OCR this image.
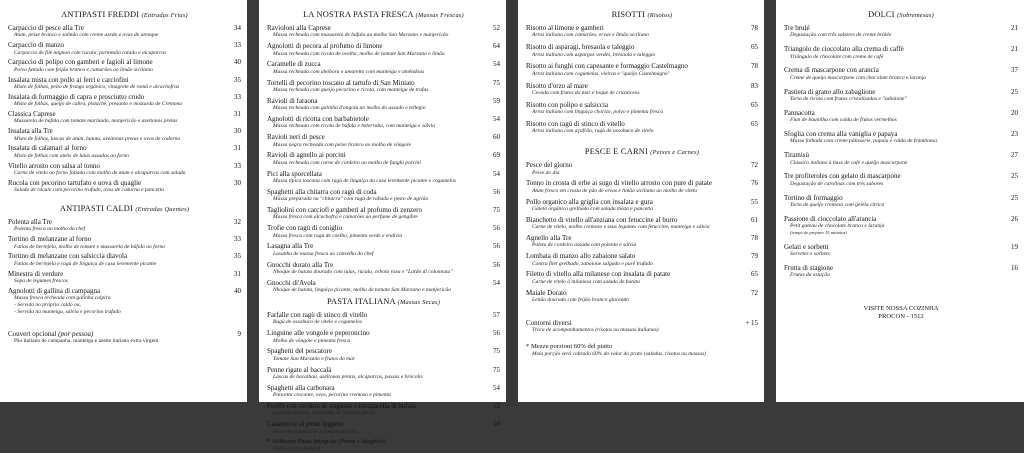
ANTIPASTI FREDDI (Entradas Frias)
Carpaccio di pesce alla Tre	34
Atum, peixe branco e salmão com creme azedo e ovas de arenque
Carpaccio di manzo	33
Carpaccio de filé mignon com rúcula, parmesão ralado e alcaparras
Carpaccio di polipo con gamberi e fagioli al limone	40
Polvo fatiado com feijão branco e camarões ao limão siciliano
Insalata mista con pollo ai ferri e carciofini	35
Misto de folhas, peito de frango orgânico, vinagrete de romã e alcachofras
Insalata di formaggio di capra e prosciutto crudo	33
Misto de folhas, queijo de cabra, pistache, presunto e mostarda de Cremona
Classica Caprese	31
Mussarela de búfala com tomate marinado, manjericão e azeitonas pretas
Insalata alla Tre	30
Misto de folhas, lascas de atum, batata, azeitonas pretas e ovos de codorna
Insalata di calamari al forno	31
Misto de folhas com anéis de lulas assados ao forno
Vitello arrosto con salsa al tonno	33
Carne de vitelo ao forno fatiada com molho de atum e alcaparras com salada
Rucola con pecorino tartufato e uova di quaglie	30
Salada de rúcula com pecorino trufado, ovos de codorna e pancetta
ANTIPASTI CALDI (Entradas Quentes)
Polenta alla Tre	32
Polenta fresca ao molho do chef
Tortino di melanzane al forno	33
Fatias de berinjela, molho de tomate e mussarela de búfala ao forno
Tortino di melanzane con salsiccia diavola	35
Fatias de berinjela e ragù de linguiça de casa levemente picante
Minestra di verdure	31
Sopa de legumes frescos
Agnolotti di gallina di campagna	40
Massa fresca recheada com galinha caipira
- Servida no próprio caldo ou,
- Servida na manteiga, sálvia e pecorino trufado
Couvert opcional (por pessoa)	9
Pão italiano de campanha, manteiga e azeite italiano extra virgem
LA NOSTRA PASTA FRESCA (Massas Frescas)
Ravioloni alla Caprese	52
Massa recheada com mussarela de búfala ao molho San Marzano e manjericão
Agnolotti di pecora al profumo di limone	64
Massa recheada com ricota de ovelha, molho de tomate San Marzano e limão
Caramelle di zucca	54
Massa recheada com abóbora e amaretto com manteiga e amêndoas
Tortelli di pecorino toscano al tartufo di San Miniato	75
Massa recheada com queijo pecorino e ricota, com manteiga de trufas
Ravioli di faraona	59
Massa recheada com galinha d'angola ao molho do assado e tellegio
Agnolotti di ricotta con barbabietole	54
Massa recheada com ricota de búfala e beterraba, com manteiga e sálvia
Ravioli neri di pesce	60
Massa negra recheada com peixe branco ao molho de vôngole
Ravioli di agnello ai porcini	69
Massa recheada com carne de cordeiro ao molho de funghi porcini
Pici alla sporcellata	54
Massa típica toscana com ragù de linguiça da casa levemente picante e cogumelos
Spaghetti alla chitarra con ragù di coda	56
Massa preparada na "chitarra" com ragù de rabada e pesto de agrião
Tagliolini con carciofi e gamberi al profumo di zenzero	75
Massa fresca com alcachofra e camarões ao perfume de gengibre
Trofie con ragù di coniglio	56
Massa fresca com ragù de coelho, pimenta verde e endívia
Lasagna alla Tre	56
Lasanha de massa fresca ao conselho do chef
Gnocchi dorato alla Tre	56
Nhoque de batata dourado com lulas, rúcula, cebola roxa e "Lardo di colonnata"
Gnocchi di'Avola	54
Nhoque de batata, linguiça picante, molho de tomate San Marzano e manjericão
PASTA ITALIANA (Massas Secas)
Farfalle con ragù di stinco di vitello	57
Ragù de ossobuco de vitelo e cogumelos
Linguine alle vongole e peperoncino	56
Molho de vôngole e pimenta fresca
Spaghetti del pescatore	75
Tomate San Marzano e frutos do mar
Penne rigate al baccalà	75
Lascas de bacalhau, azeitonas pretas, alcaparras, passas e brócolis
Spaghetti alla carbonara	54
Pancetta crocante, ovos, pecorino cremoso e pimenta
Fusilli con verdure di stagione e mozzarella di bufala	52
Legumes frescos, mussarela de búfala e pinoli
Casareccie al pesto leggero	50
Pesto de manjericão e tomate peralina
* Abbiamo Pasta Integrale (Penne e Spaghetti)
Temos massa integral
RISOTTI (Risotos)
Risotto al limone e gamberi	78
Arroz italiano com camarões, ervas e limão siciliano
Risotto di asparagi, bresaola e taleggio	65
Arroz italiano com aspargos verdes, bresaola e taleggio
Risotto ai funghi con capesante e formaggio Castelmagno	78
Arroz italiano com cogumelos, vieiras e "queijo Castelmagno"
Risotto d'orzo al mare	83
Cevada com frutos do mar e toque de crustáceos
Risotto con polipo e salsiccia	65
Arroz italiano com linguiça chorizo, polvo e pimenta fresca
Risotto con ragù di stinco di vitello	65
Arroz italiano com açafrão, ragù de ossobuco de vitelo
PESCE E CARNI (Peixes e Carnes)
Pesce del giorno	72
Peixe do dia
Tonno in crosta di erbe ai sugo di vitello arrosto con pure di patate	76
Atum fresco em crosta de pão de ervas e limão siciliano ao molho de vitelo
Pollo organico alla griglia con insalata e gura	55
Galeto orgânico grelhado com salada mista e pancetta
Bianchetto di vitello all'anziana con fetuccine al burro	61
Carne de vitelo, molho cremoso e seus legumes com fetuccine, manteiga e sálvia
Agnello alla Tre	78
Paleta de cordeiro assada com polenta e sálvia
Lombata di manzo allo zabaione salato	79
Contra filet grelhado, zabaione salgado e purê trufado
Filetto di vitello alla milanese con insalata di patate	65
Carne de vitelo à milanesa com salada de batata
Maiale Dorato	72
Leitão dourado com feijão branco glaceado
Contorni diversi	+ 15
Troca de acompanhamentos (risotos ou massas italianas)
* Mezze porzioni 60% del piatto
Meia porção será cobrado 60% do valor do prato (saladas, risotos ou massas)
DOLCI (Sobremesas)
Tre brulé	21
Degustação com três sabores de creme brûlée
Triangolo de cioccolato alla crema di caffè	21
Triângulo de chocolate com creme de café
Crema di mascarpone con arancia	37
Creme de queijo mascarpone com chocolate branco e laranja
Pastiera di grano allo zabaglione	25
Torta de ricota com frutas cristalizadas e "zabaione"
Pannacotta	20
Flan de baunilha com calda de frutos vermelhos
Sfoglia con crema alla vaniglia e papaya	23
Massa folhada com creme pâtisserie, papaia e calda de framboesa
Tiramisù	27
Clássico italiano à base de café e queijo mascarpone
Tre profiteroles con gelato di mascarpone	25
Degustação de carolinas com três sabores
Tortino di formaggio	25
Torta de queijo cremoso com geléia cítrica
Passione di cioccolato all'arancia	26
Petit gateau de chocolate branco e laranja
(tempo de preparo 15 minutos)
Gelati e sorbetti	19
Sorvetes e sorbets
Frutta di stagione	16
Frutas da estação
VISITE NOSSA COZINHA
PROCON - 1512
